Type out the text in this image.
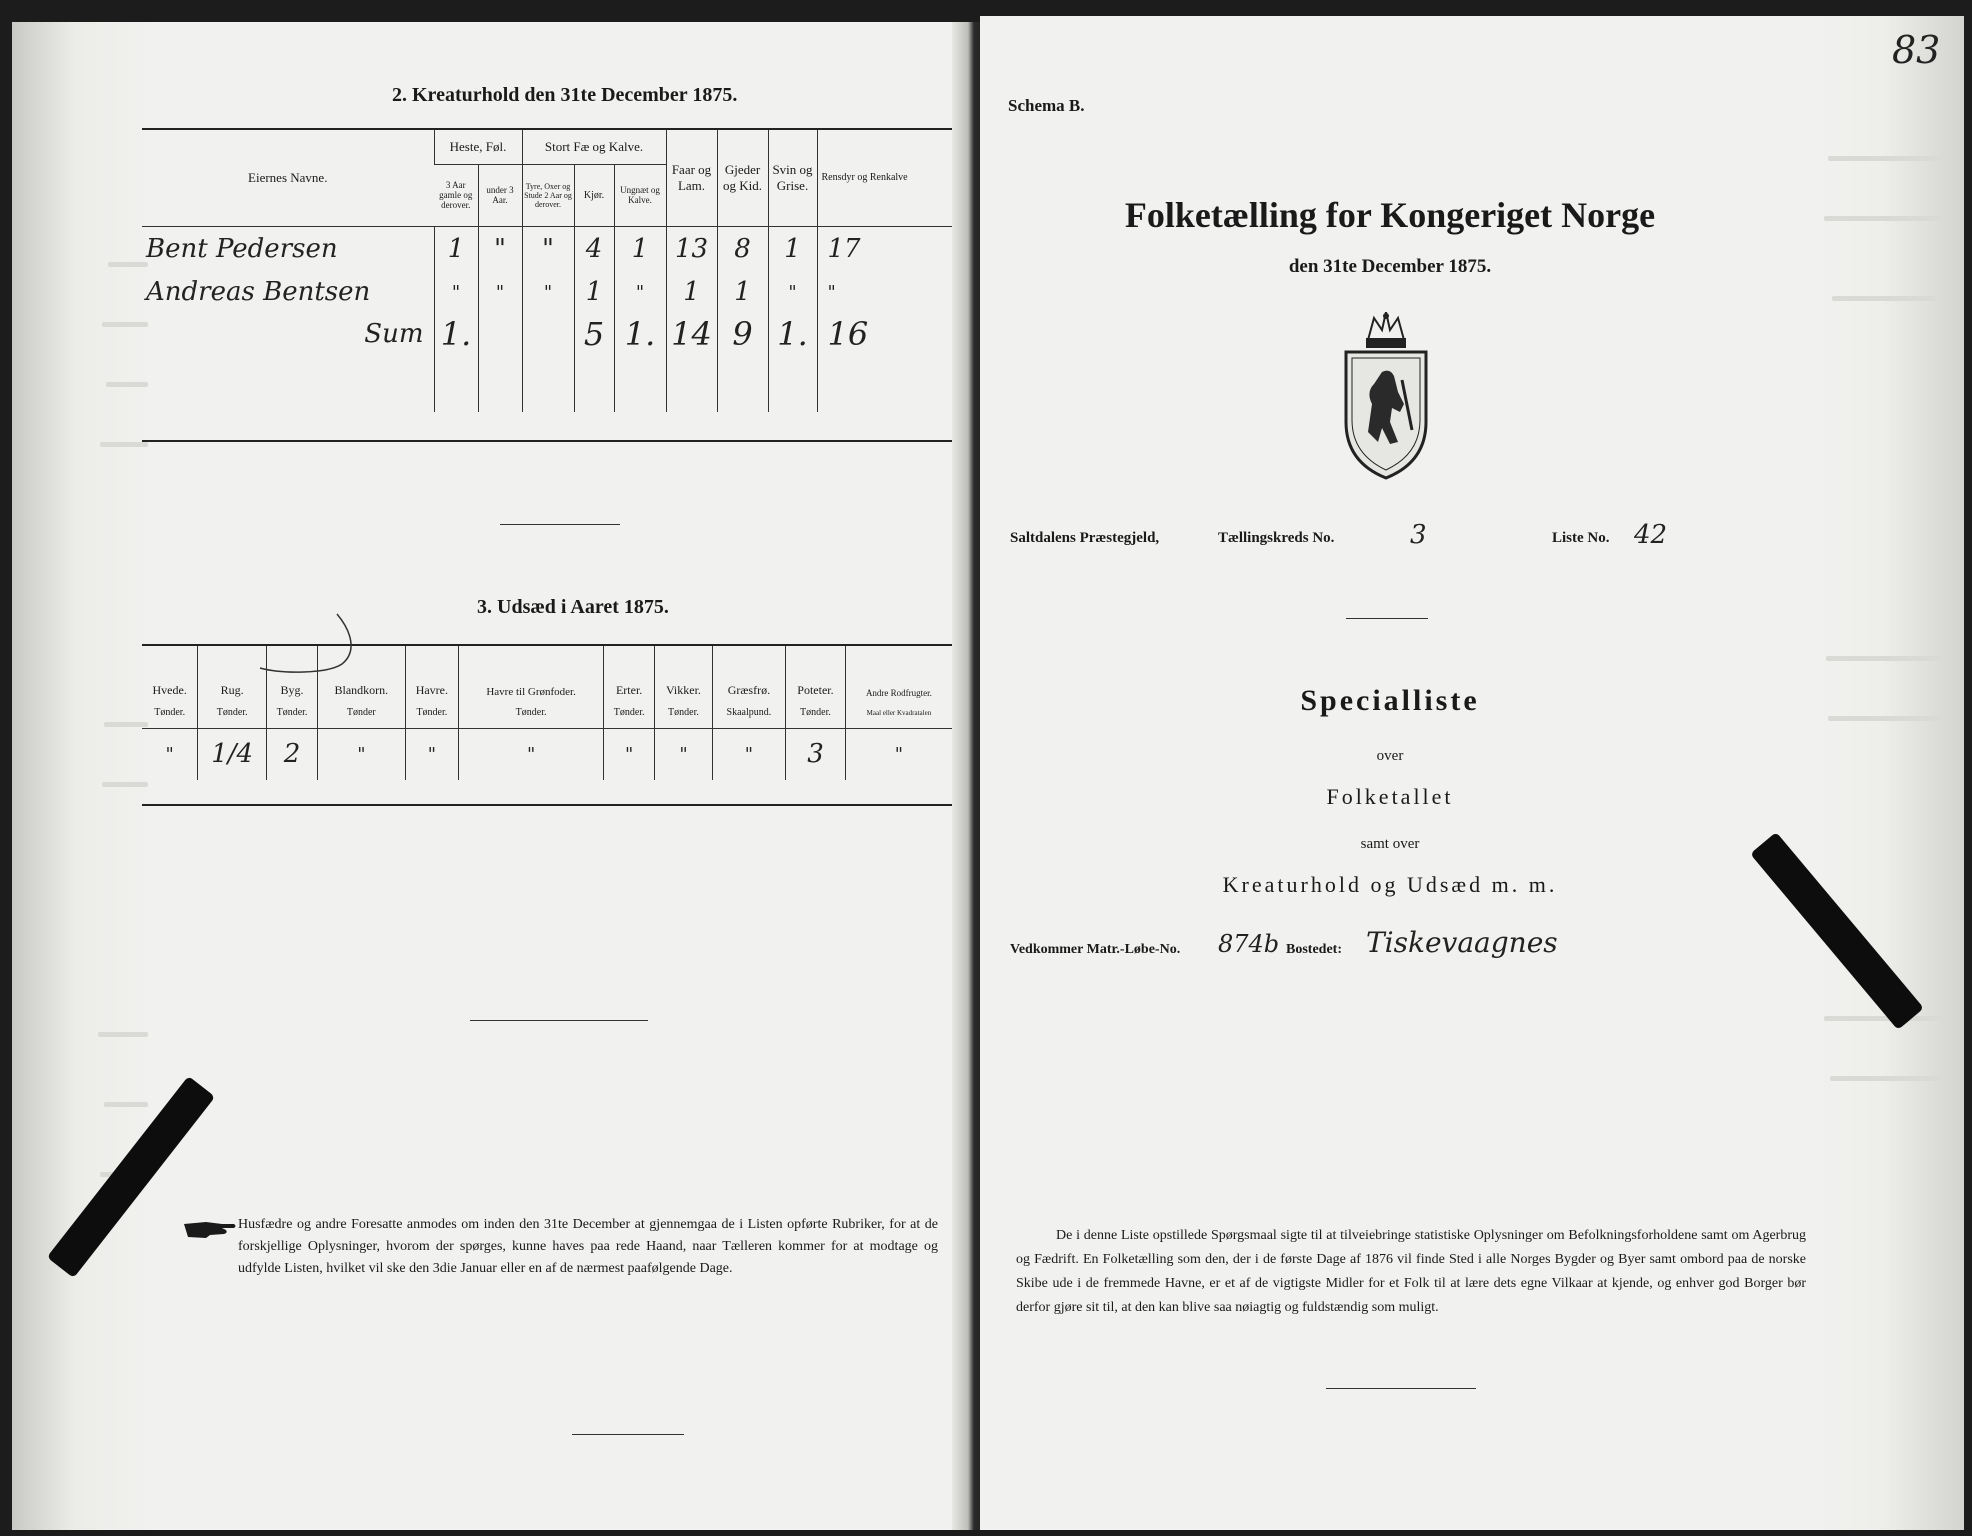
2. Kreaturhold den 31te December 1875.
Eiernes Navne.	Heste, Føl.		Stort Fæ og Kalve.			Faar og Lam.	Gjeder og Kid.	Svin og Grise.	Rensdyr og Renkalve
	3 Aar gamle og derover.	under 3 Aar.	Tyre, Oxer og Stude 2 Aar og derover.	Kjør.	Ungnæt og Kalve.				
Bent Pedersen	1	"	"	4	1	13	8	1	17
Andreas Bentsen	"	"	"	1	"	1	1	"	"
Sum	1.			5	1.	14	9	1.	16

3. Udsæd i Aaret 1875.
Hvede.	Rug.	Byg.	Blandkorn.	Havre.	Havre til Grønfoder.	Erter.	Vikker.	Græsfrø.	Poteter.	Andre Rodfrugter.
Tønder.	Tønder.	Tønder.	Tønder	Tønder.	Tønder.	Tønder.	Tønder.	Skaalpund.	Tønder.	Maal eller Kvadratalen
"	1/4	2	"	"	"	"	"	"	3	"
Husfædre og andre Foresatte anmodes om inden den 31te December at gjennemgaa de i Listen opførte Rubriker, for at de forskjellige Oplysninger, hvorom der spørges, kunne haves paa rede Haand, naar Tælleren kommer for at modtage og udfylde Listen, hvilket vil ske den 3die Januar eller en af de nærmest paafølgende Dage.
83
Schema B.
Folketælling for Kongeriget Norge
den 31te December 1875.
Saltdalens Præstegjeld,	Tællingskreds No.	3	Liste No. 42
Specialliste
over
Folketallet
samt over
Kreaturhold og Udsæd m. m.
Vedkommer Matr.-Løbe-No. 874b Bostedet: Tiskevaagnes
De i denne Liste opstillede Spørgsmaal sigte til at tilveiebringe statistiske Oplysninger om Befolkningsforholdene samt om Agerbrug og Fædrift. En Folketælling som den, der i de første Dage af 1876 vil finde Sted i alle Norges Bygder og Byer samt ombord paa de norske Skibe ude i de fremmede Havne, er et af de vigtigste Midler for et Folk til at lære dets egne Vilkaar at kjende, og enhver god Borger bør derfor gjøre sit til, at den kan blive saa nøiagtig og fuldstændig som muligt.
